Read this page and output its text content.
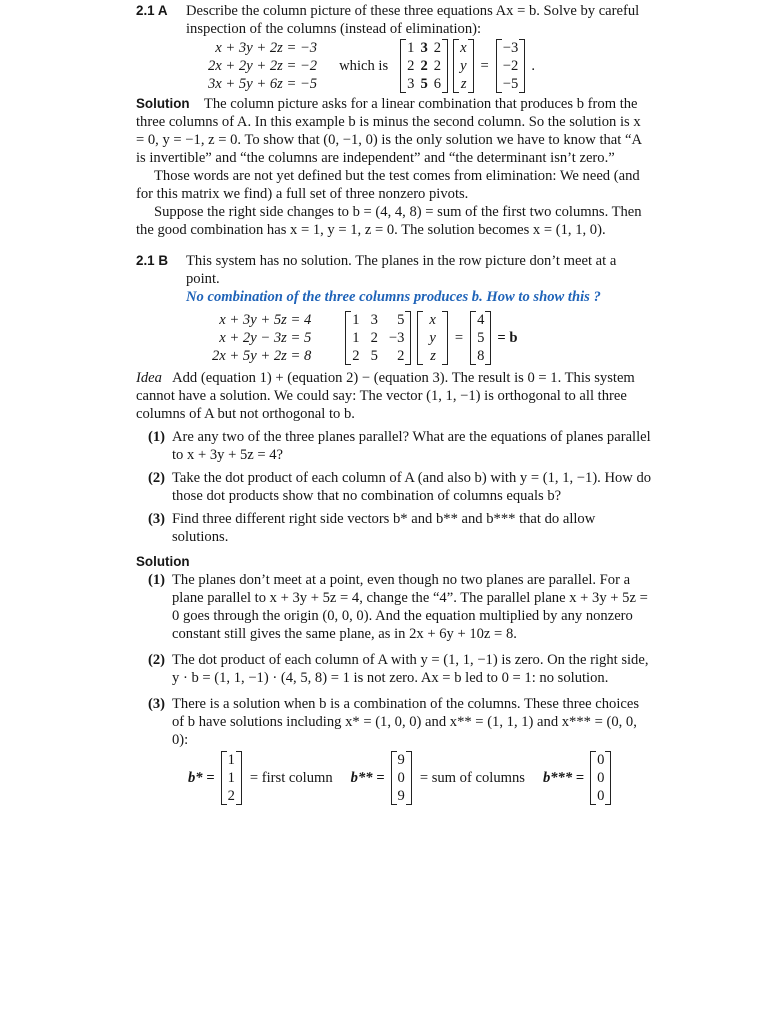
2.1 A	Describe the column picture of these three equations Ax = b. Solve by careful inspection of the columns (instead of elimination):
x + 3y + 2z = −3
2x + 2y + 2z = −2
3x + 5y + 6z = −5
which is
1
2
3
3
2
5
2
2
6
x
y
z
=
−3
−2
−5
.

Solution The column picture asks for a linear combination that produces b from the three columns of A. In this example b is minus the second column. So the solution is x = 0, y = −1, z = 0. To show that (0, −1, 0) is the only solution we have to know that “A is invertible” and “the columns are independent” and “the determinant isn’t zero.”

Those words are not yet defined but the test comes from elimination: We need (and for this matrix we find) a full set of three nonzero pivots.

Suppose the right side changes to b = (4, 4, 8) = sum of the first two columns. Then the good combination has x = 1, y = 1, z = 0. The solution becomes x = (1, 1, 0).

2.1 B	This system has no solution. The planes in the row picture don’t meet at a point.

No combination of the three columns produces b. How to show this ?

x + 3y + 5z = 4
x + 2y − 3z = 5
2x + 5y + 2z = 8
1
1
2
3
2
5
5
−3
2
x
y
z
=
4
5
8
= b

Idea Add (equation 1) + (equation 2) − (equation 3). The result is 0 = 1. This system cannot have a solution. We could say: The vector (1, 1, −1) is orthogonal to all three columns of A but not orthogonal to b.

(1) Are any two of the three planes parallel? What are the equations of planes parallel to x + 3y + 5z = 4?
(2) Take the dot product of each column of A (and also b) with y = (1, 1, −1). How do those dot products show that no combination of columns equals b?
(3) Find three different right side vectors b* and b** and b*** that do allow solutions.

Solution

(1) The planes don’t meet at a point, even though no two planes are parallel. For a plane parallel to x + 3y + 5z = 4, change the “4”. The parallel plane x + 3y + 5z = 0 goes through the origin (0, 0, 0). And the equation multiplied by any nonzero constant still gives the same plane, as in 2x + 6y + 10z = 8.
(2) The dot product of each column of A with y = (1, 1, −1) is zero. On the right side, y · b = (1, 1, −1) · (4, 5, 8) = 1 is not zero. Ax = b led to 0 = 1: no solution.
(3) There is a solution when b is a combination of the columns. These three choices of b have solutions including x* = (1, 0, 0) and x** = (1, 1, 1) and x*** = (0, 0, 0):
b* =
1
1
2
= first column b** =
9
0
9
= sum of columns b*** =
0
0
0
